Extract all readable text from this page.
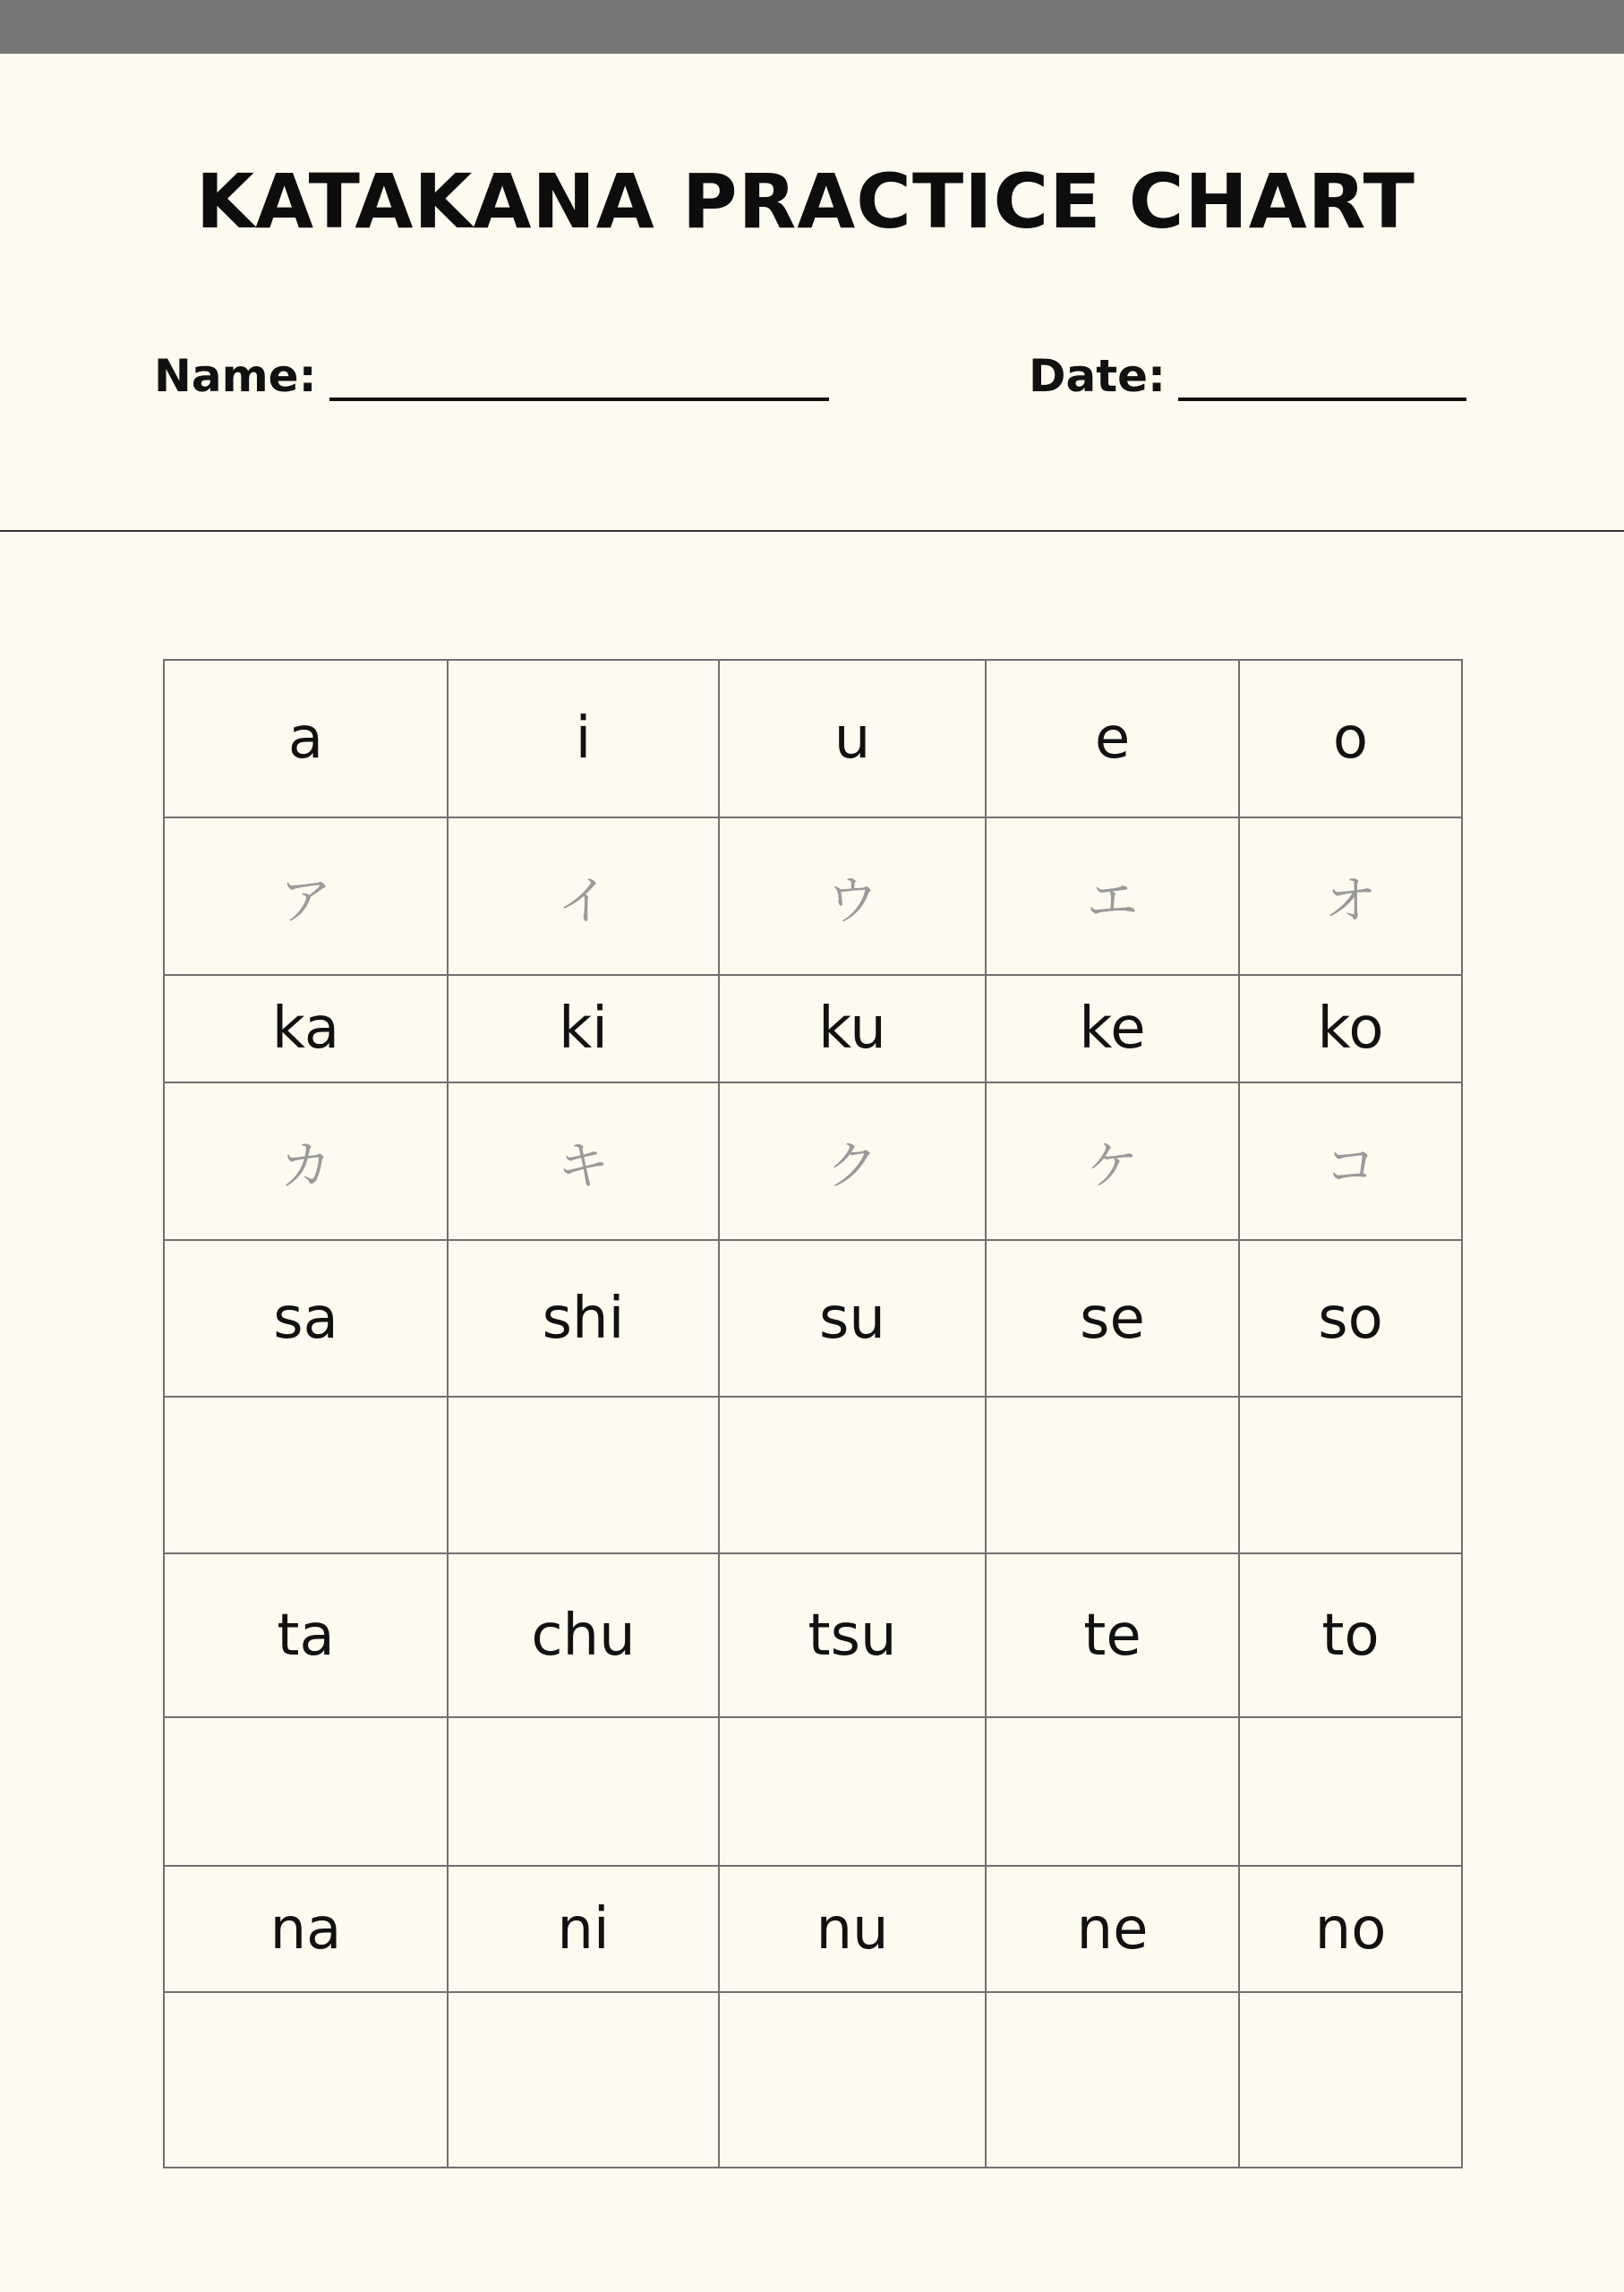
KATAKANA PRACTICE CHART
Name:	Date:
a	i	u	e	o
ア	イ	ウ	エ	オ
ka	ki	ku	ke	ko
カ	キ	ク	ケ	コ
sa	shi	su	se	so

ta	chu	tsu	te	to

na	ni	nu	ne	no
